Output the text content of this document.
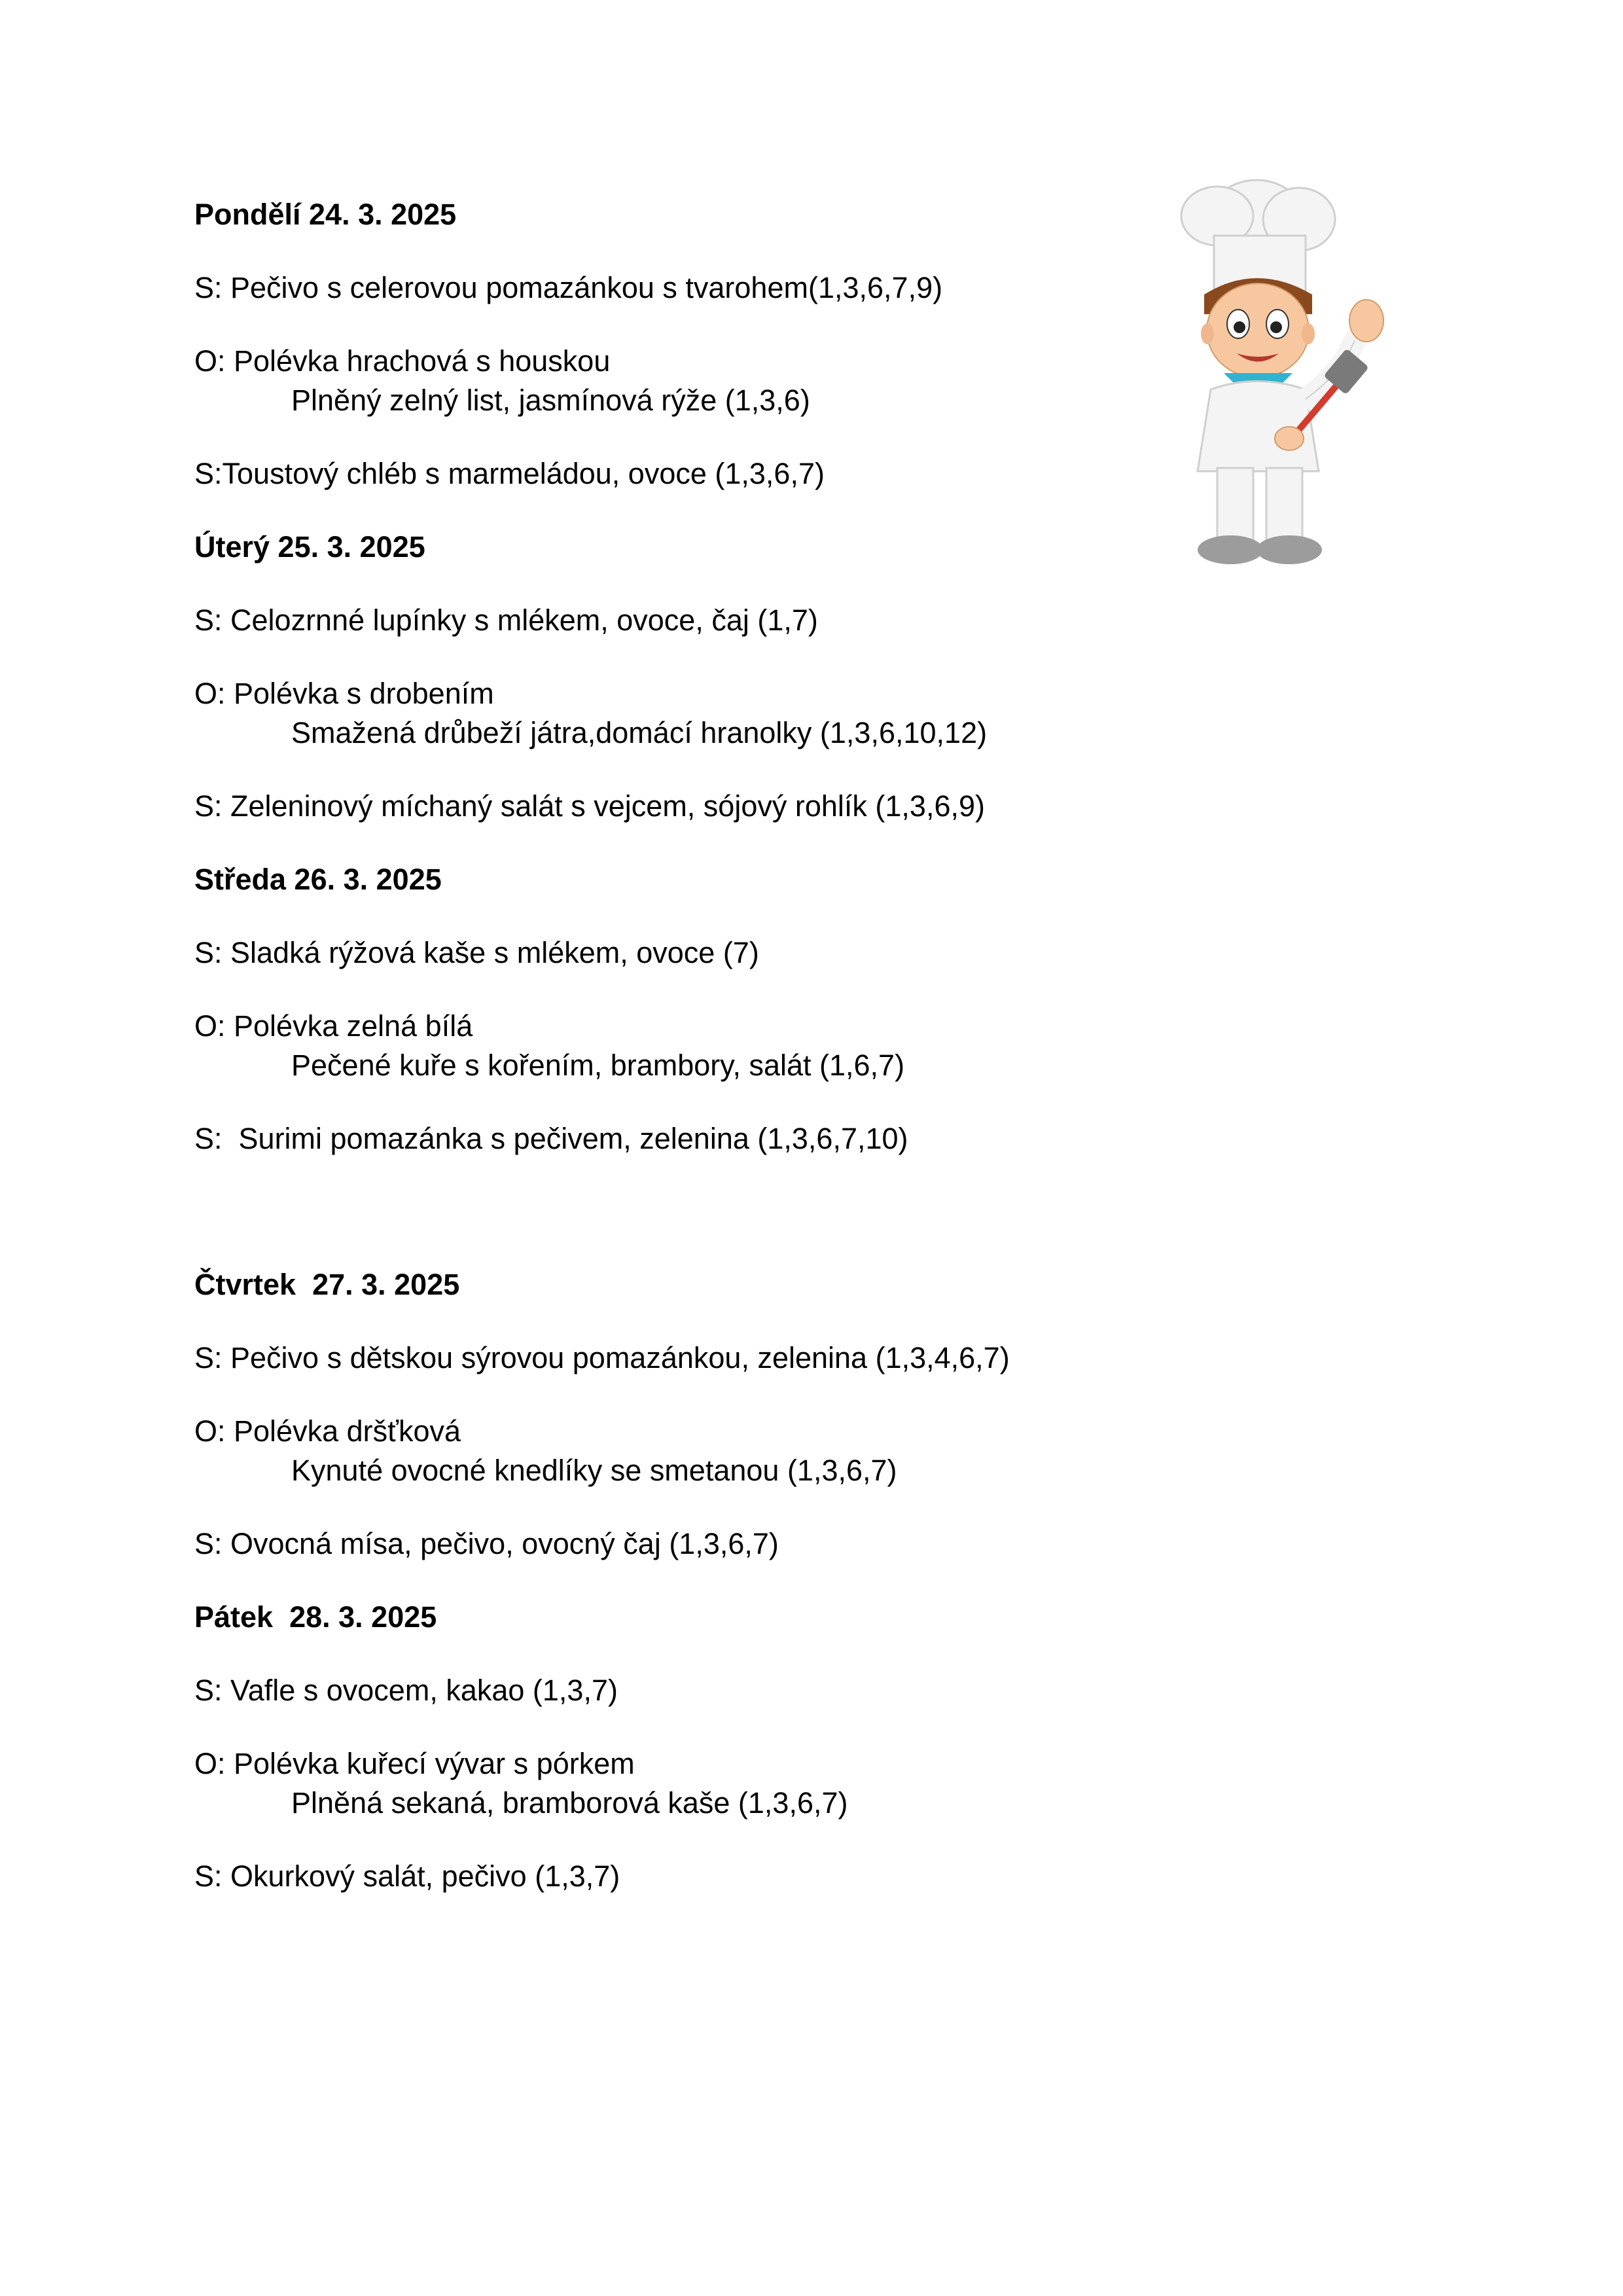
Pondělí 24. 3. 2025
S: Pečivo s celerovou pomazánkou s tvarohem(1,3,6,7,9)
O: Polévka hrachová s houskou
Plněný zelný list, jasmínová rýže (1,3,6)
S:Toustový chléb s marmeládou, ovoce (1,3,6,7)
Úterý 25. 3. 2025
S: Celozrnné lupínky s mlékem, ovoce, čaj (1,7)
O: Polévka s drobením
Smažená drůbeží játra,domácí hranolky (1,3,6,10,12)
S: Zeleninový míchaný salát s vejcem, sójový rohlík (1,3,6,9)
Středa 26. 3. 2025
S: Sladká rýžová kaše s mlékem, ovoce (7)
O: Polévka zelná bílá
Pečené kuře s kořením, brambory, salát (1,6,7)
S:  Surimi pomazánka s pečivem, zelenina (1,3,6,7,10)
Čtvrtek  27. 3. 2025
S: Pečivo s dětskou sýrovou pomazánkou, zelenina (1,3,4,6,7)
O: Polévka dršťková
Kynuté ovocné knedlíky se smetanou (1,3,6,7)
S: Ovocná mísa, pečivo, ovocný čaj (1,3,6,7)
Pátek  28. 3. 2025
S: Vafle s ovocem, kakao (1,3,7)
O: Polévka kuřecí vývar s pórkem
Plněná sekaná, bramborová kaše (1,3,6,7)
S: Okurkový salát, pečivo (1,3,7)
